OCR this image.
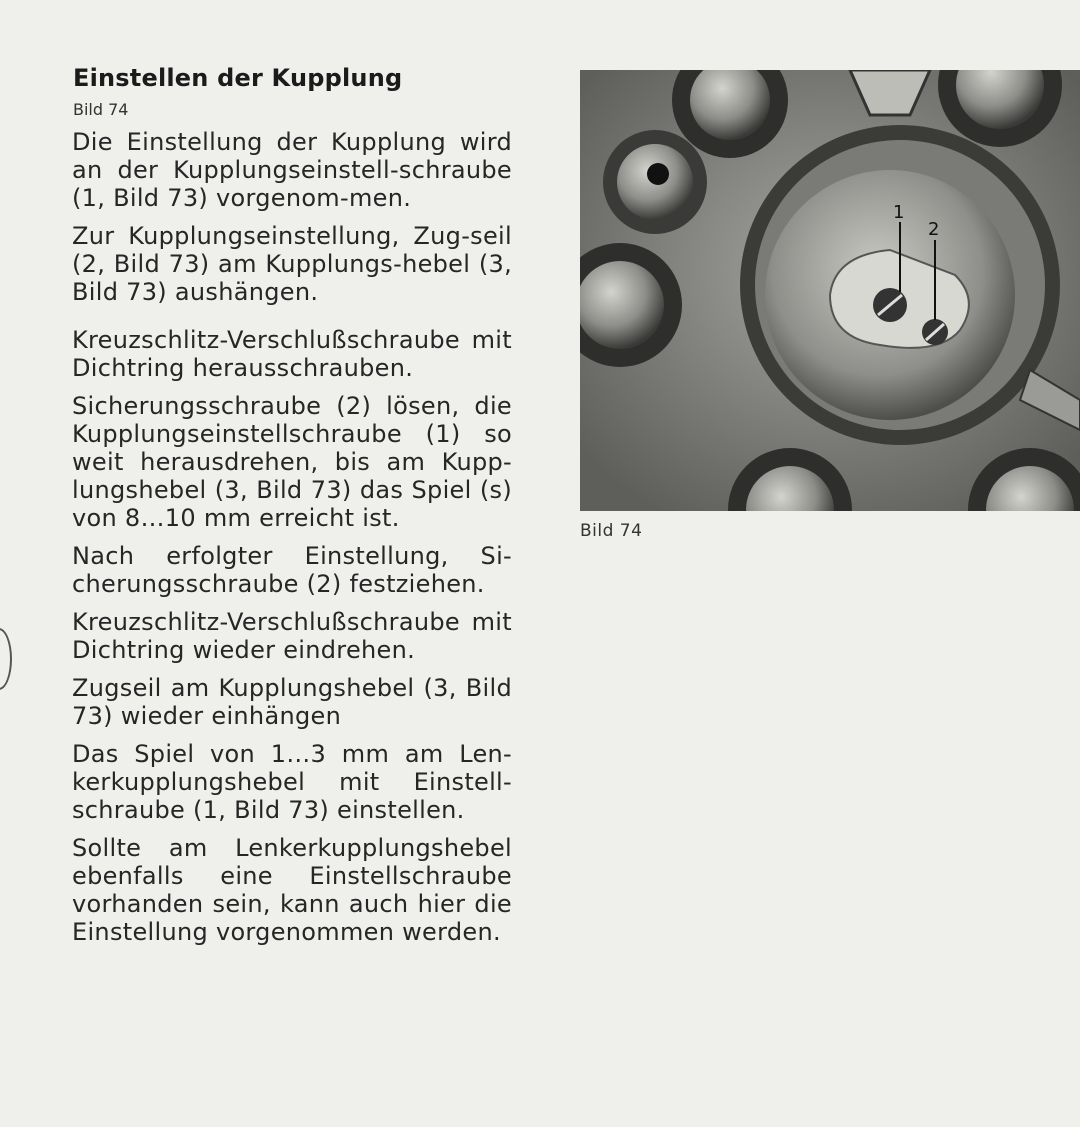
Einstellen der Kupplung
Bild 74

Die Einstellung der Kupplung wird an der Kupplungseinstell-schraube (1, Bild 73) vorgenom-men.

Zur Kupplungseinstellung, Zug-seil (2, Bild 73) am Kupplungs-hebel (3, Bild 73) aushängen.

Kreuzschlitz-Verschlußschraube mit Dichtring herausschrauben.

Sicherungsschraube (2) lösen, die Kupplungseinstellschraube (1) so weit herausdrehen, bis am Kupp-lungshebel (3, Bild 73) das Spiel (s) von 8…10 mm erreicht ist.

Nach erfolgter Einstellung, Si-cherungsschraube (2) festziehen.

Kreuzschlitz-Verschlußschraube mit Dichtring wieder eindrehen.

Zugseil am Kupplungshebel (3, Bild 73) wieder einhängen

Das Spiel von 1…3 mm am Len-kerkupplungshebel mit Einstell-schraube (1, Bild 73) einstellen.

Sollte am Lenkerkupplungshebel ebenfalls eine Einstellschraube vorhanden sein, kann auch hier die Einstellung vorgenommen werden.

1
2
Bild 74
